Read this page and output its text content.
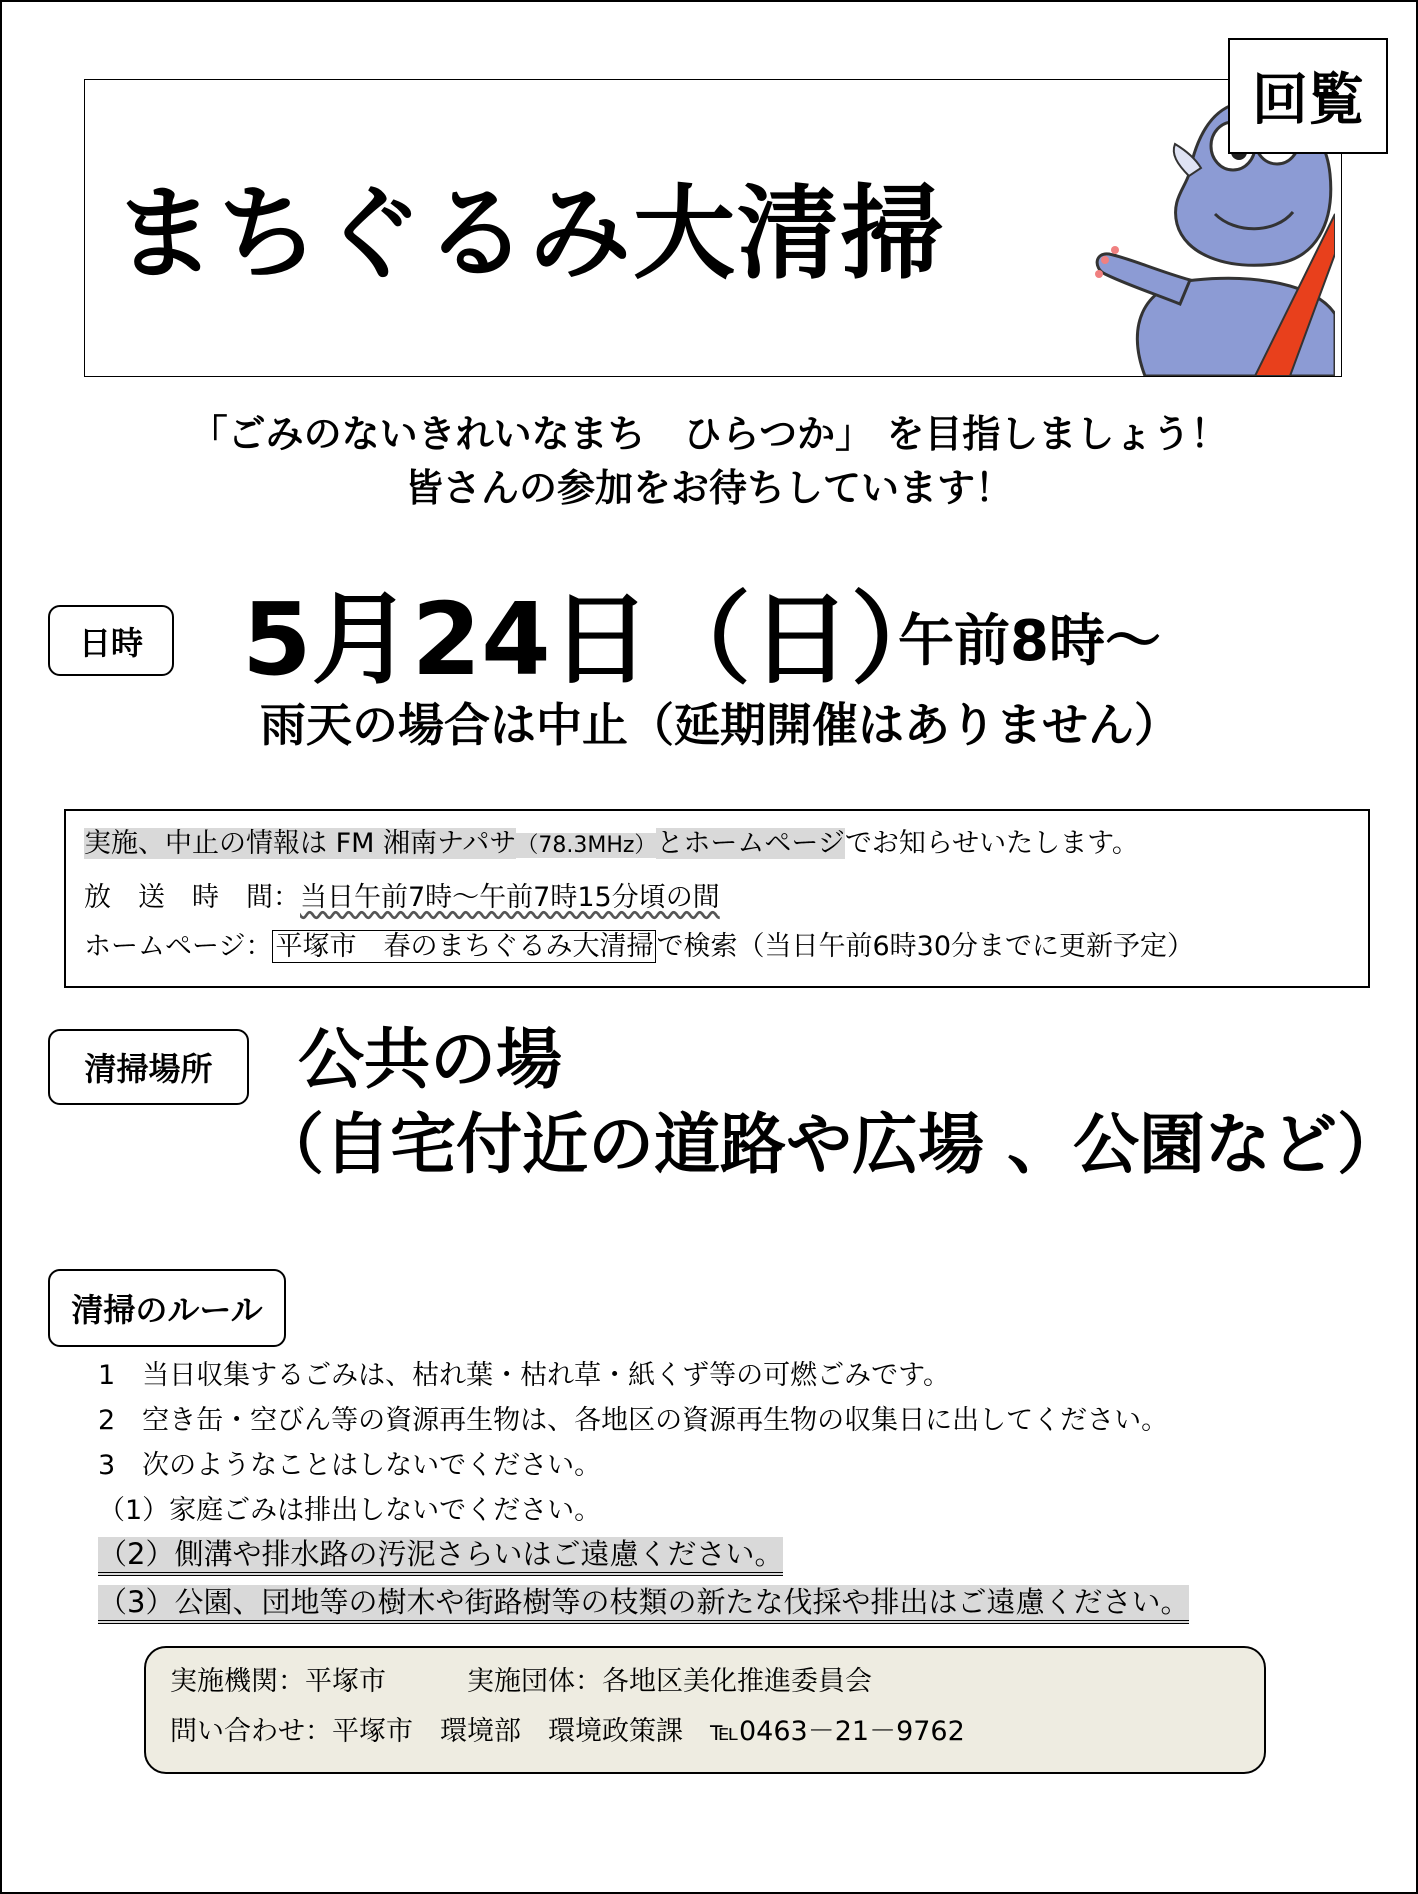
まちぐるみ大清掃
回覧
「ごみのないきれいなまち　ひらつか」 を目指しましょう！
皆さんの参加をお待ちしています！
日時 5月24日（日）
午前8時～
雨天の場合は中止（延期開催はありません）
実施、中止の情報は FM 湘南ナパサ（78.3MHz）とホームページでお知らせいたします。
放　送　時　間：当日午前7時～午前7時15分頃の間
ホームページ： 平塚市　春のまちぐるみ大清掃 で検索（当日午前6時30分までに更新予定）
清掃場所	公共の場
（自宅付近の道路や広場 、公園など）
清掃のルール
1　当日収集するごみは、枯れ葉・枯れ草・紙くず等の可燃ごみです。
2　空き缶・空びん等の資源再生物は、各地区の資源再生物の収集日に出してください。
3　次のようなことはしないでください。
（1）家庭ごみは排出しないでください。
（2）側溝や排水路の汚泥さらいはご遠慮ください。
（3）公園、団地等の樹木や街路樹等の枝類の新たな伐採や排出はご遠慮ください。
実施機関：平塚市　　　実施団体：各地区美化推進委員会
問い合わせ：平塚市　環境部　環境政策課　℡0463－21－9762
